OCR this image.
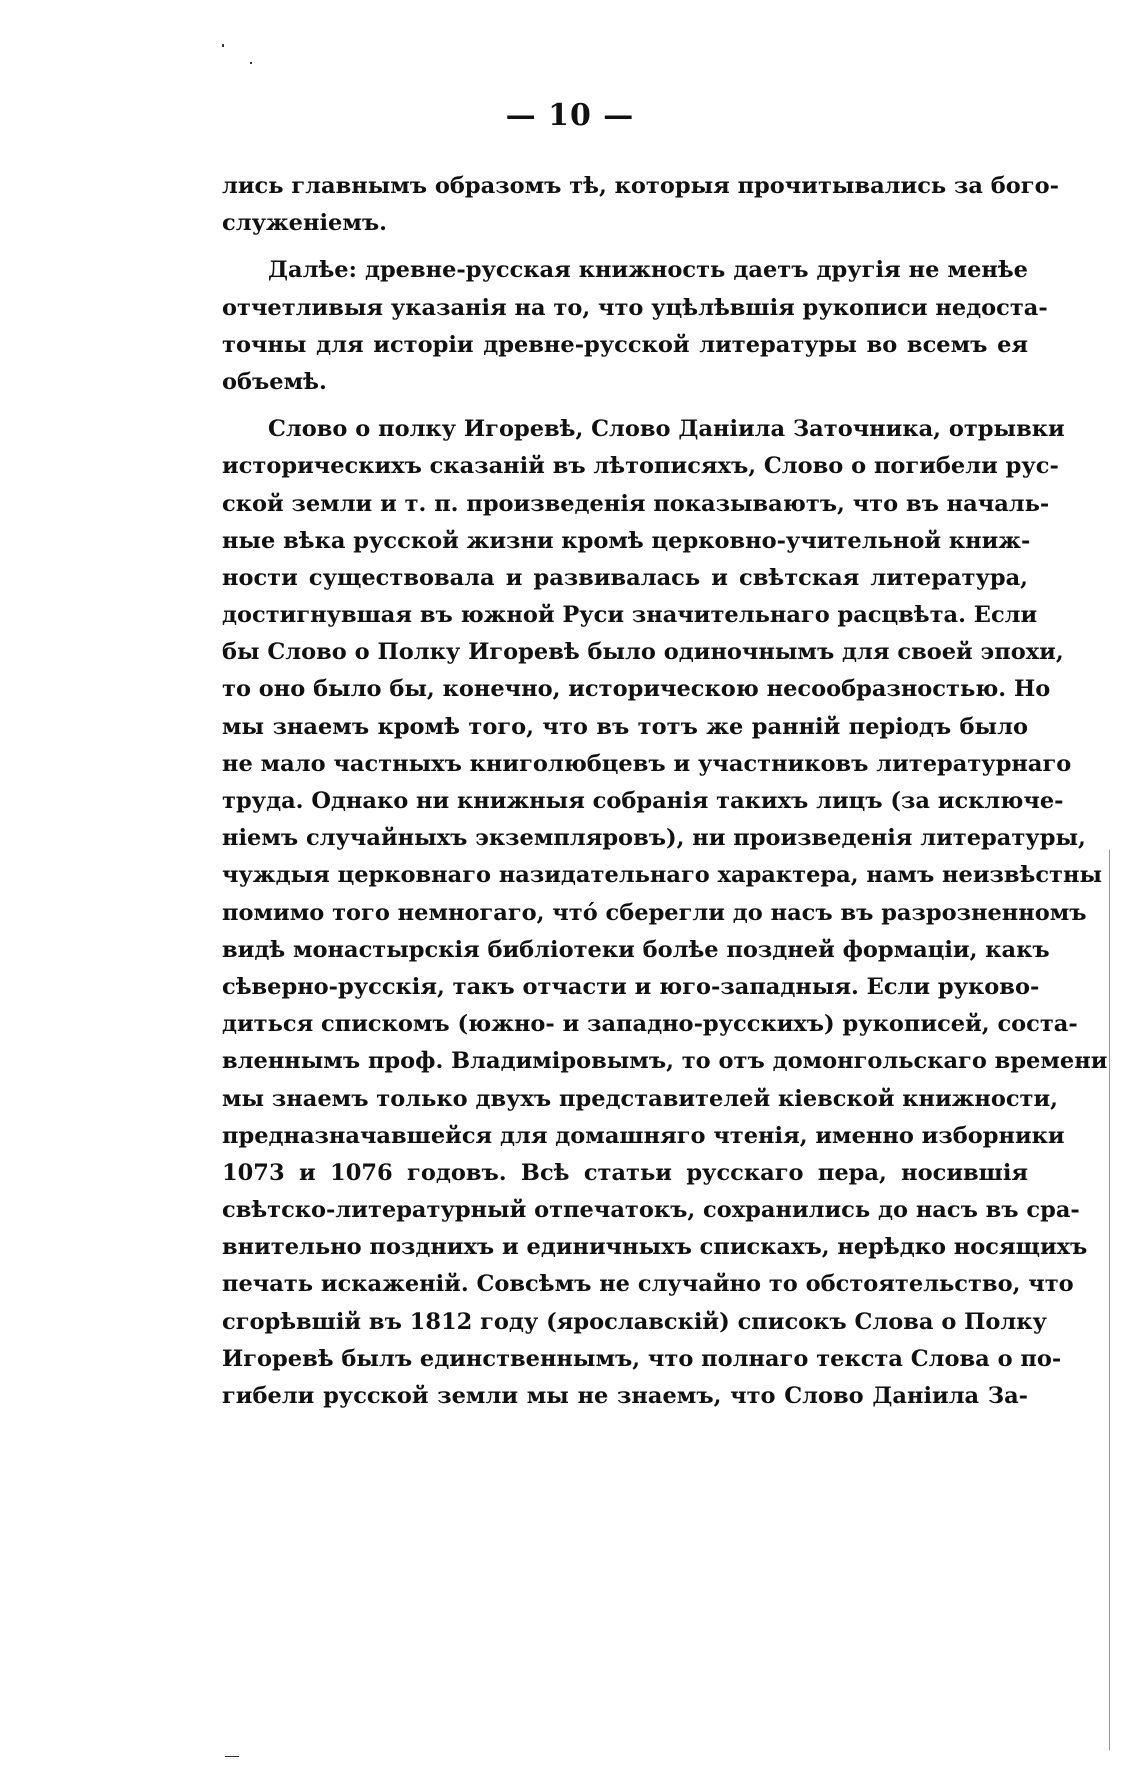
— 10 —
лись главнымъ образомъ тѣ, которыя прочитывались за бого-
служеніемъ.
Далѣе: древне-русская книжность даетъ другія не менѣе
отчетливыя указанія на то, что уцѣлѣвшія рукописи недоста-
точны для исторіи древне-русской литературы во всемъ ея
объемѣ.
Слово о полку Игоревѣ, Слово Даніила Заточника, отрывки
историческихъ сказаній въ лѣтописяхъ, Слово о погибели рус-
ской земли и т. п. произведенія показываютъ, что въ началь-
ные вѣка русской жизни кромѣ церковно-учительной книж-
ности существовала и развивалась и свѣтская литература,
достигнувшая въ южной Руси значительнаго расцвѣта. Если
бы Слово о Полку Игоревѣ было одиночнымъ для своей эпохи,
то оно было бы, конечно, историческою несообразностью. Но
мы знаемъ кромѣ того, что въ тотъ же ранній періодъ было
не мало частныхъ книголюбцевъ и участниковъ литературнаго
труда. Однако ни книжныя собранія такихъ лицъ (за исключе-
ніемъ случайныхъ экземпляровъ), ни произведенія литературы,
чуждыя церковнаго назидательнаго характера, намъ неизвѣстны
помимо того немногаго, чтó сберегли до насъ въ разрозненномъ
видѣ монастырскія библіотеки болѣе поздней формаціи, какъ
сѣверно-русскія, такъ отчасти и юго-западныя. Если руково-
диться спискомъ (южно- и западно-русскихъ) рукописей, соста-
вленнымъ проф. Владиміровымъ, то отъ домонгольскаго времени
мы знаемъ только двухъ представителей кіевской книжности,
предназначавшейся для домашняго чтенія, именно изборники
1073 и 1076 годовъ. Всѣ статьи русскаго пера, носившія
свѣтско-литературный отпечатокъ, сохранились до насъ въ сра-
внительно позднихъ и единичныхъ спискахъ, нерѣдко носящихъ
печать искаженій. Совсѣмъ не случайно то обстоятельство, что
сгорѣвшій въ 1812 году (ярославскій) списокъ Слова о Полку
Игоревѣ былъ единственнымъ, что полнаго текста Слова о по-
гибели русской земли мы не знаемъ, что Слово Даніила За-
